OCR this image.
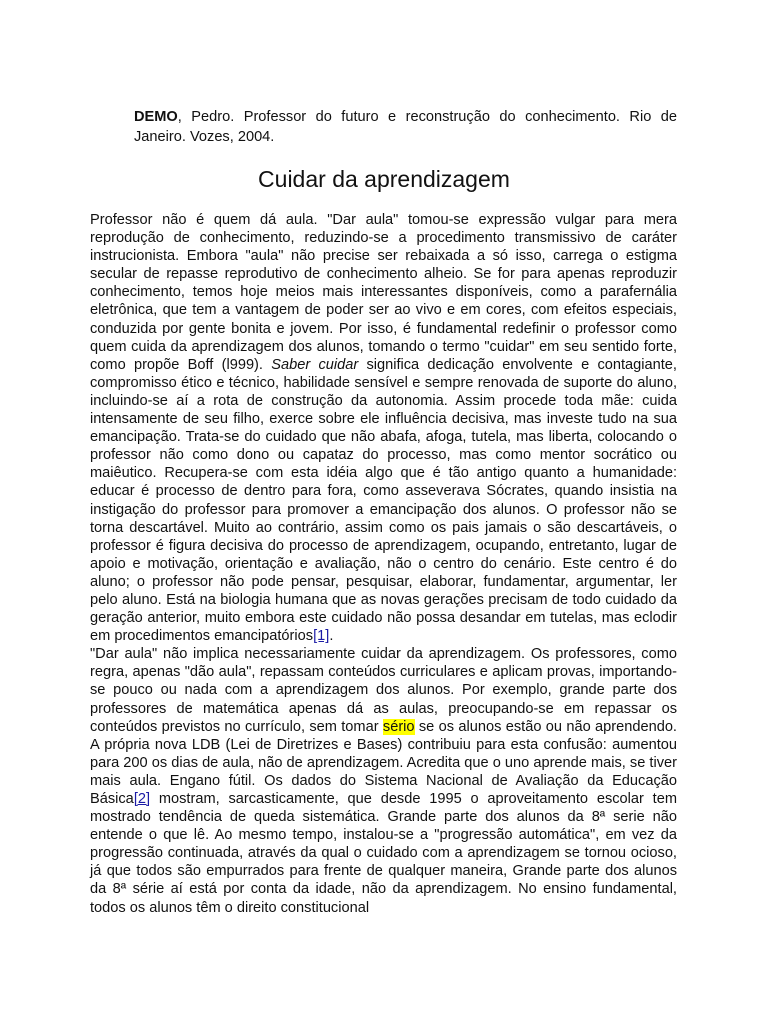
DEMO, Pedro. Professor do futuro e reconstrução do conhecimento. Rio de Janeiro. Vozes, 2004.

Cuidar da aprendizagem

Professor não é quem dá aula. "Dar aula" tomou-se expressão vulgar para mera reprodução de conhecimento, reduzindo-se a procedimento transmissivo de caráter instrucionista. Embora "aula" não precise ser rebaixada a só isso, carrega o estigma secular de repasse reprodutivo de conhecimento alheio. Se for para apenas reproduzir conhecimento, temos hoje meios mais interessantes disponíveis, como a parafernália eletrônica, que tem a vantagem de poder ser ao vivo e em cores, com efeitos especiais, conduzida por gente bonita e jovem. Por isso, é fundamental redefinir o professor como quem cuida da aprendizagem dos alunos, tomando o termo "cuidar" em seu sentido forte, como propõe Boff (l999). Saber cuidar significa dedicação envolvente e contagiante, compromisso ético e técnico, habilidade sensível e sempre renovada de suporte do aluno, incluindo-se aí a rota de construção da autonomia. Assim procede toda mãe: cuida intensamente de seu filho, exerce sobre ele influência decisiva, mas investe tudo na sua emancipação. Trata-se do cuidado que não abafa, afoga, tutela, mas liberta, colocando o professor não como dono ou capataz do processo, mas como mentor socrático ou maiêutico. Recupera-se com esta idéia algo que é tão antigo quanto a humanidade: educar é processo de dentro para fora, como asseverava Sócrates, quando insistia na instigação do professor para promover a emancipação dos alunos. O professor não se torna descartável. Muito ao contrário, assim como os pais jamais o são descartáveis, o professor é figura decisiva do processo de aprendizagem, ocupando, entretanto, lugar de apoio e motivação, orientação e avaliação, não o centro do cenário. Este centro é do aluno; o professor não pode pensar, pesquisar, elaborar, fundamentar, argumentar, ler pelo aluno. Está na biologia humana que as novas gerações precisam de todo cuidado da geração anterior, muito embora este cuidado não possa desandar em tutelas, mas eclodir em procedimentos emancipatórios[1].

"Dar aula" não implica necessariamente cuidar da aprendizagem. Os professores, como regra, apenas "dão aula", repassam conteúdos curriculares e aplicam provas, importando-se pouco ou nada com a aprendizagem dos alunos. Por exemplo, grande parte dos professores de matemática apenas dá as aulas, preocupando-se em repassar os conteúdos previstos no currículo, sem tomar sério se os alunos estão ou não aprendendo. A própria nova LDB (Lei de Diretrizes e Bases) contribuiu para esta confusão: aumentou para 200 os dias de aula, não de aprendizagem. Acredita que o uno aprende mais, se tiver mais aula. Engano fútil. Os dados do Sistema Nacional de Avaliação da Educação Básica[2] mostram, sarcasticamente, que desde 1995 o aproveitamento escolar tem mostrado tendência de queda sistemática. Grande parte dos alunos da 8ª serie não entende o que lê. Ao mesmo tempo, instalou-se a "progressão automática", em vez da progressão continuada, através da qual o cuidado com a aprendizagem se tornou ocioso, já que todos são empurrados para frente de qualquer maneira, Grande parte dos alunos da 8ª série aí está por conta da idade, não da aprendizagem. No ensino fundamental, todos os alunos têm o direito constitucional
